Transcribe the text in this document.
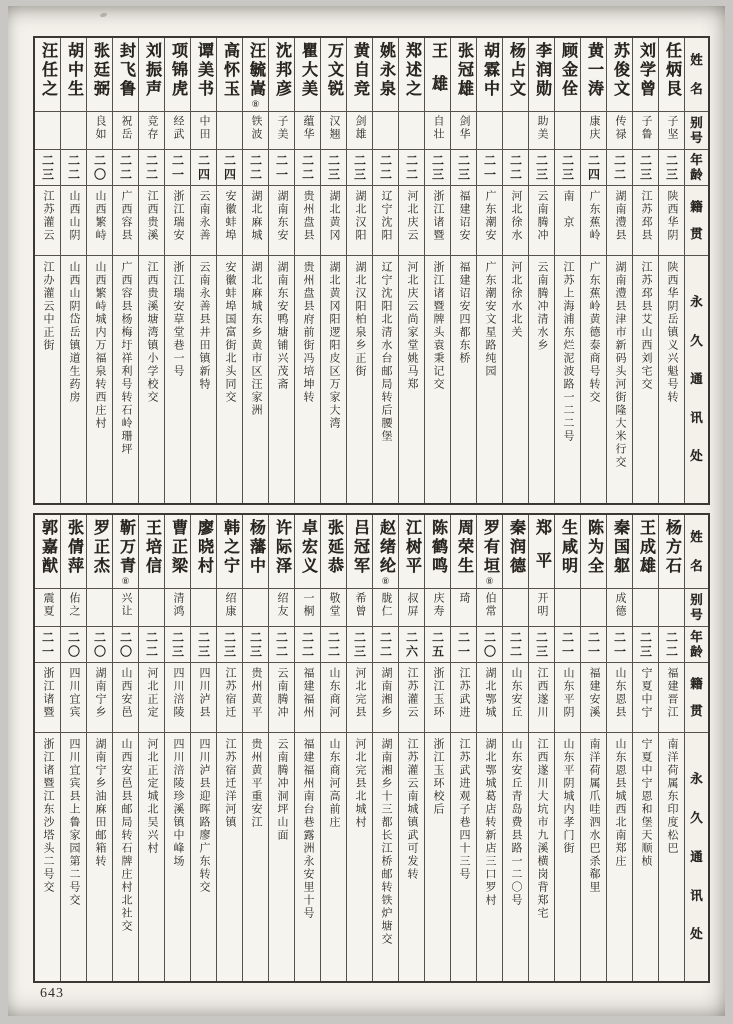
姓
名
别
号
年
龄
籍
贯
永
久
通
讯
处
任炳艮
子坚
二三
陕西华阴
陕西华阴岳镇义兴魁号转
刘学曾
子鲁
二三
江苏邳县
江苏邳县艾山西刘宅交
苏俊文
传禄
二二
湖南澧县
湖南澧县津市新码头河街隆大米行交
黄一涛
康庆
二四
广东蕉岭
广东蕉岭黄德泰商号转交
顾金佺
二三
南　京
江苏上海浦东烂泥波路一二二号
李润勋
助美
二三
云南腾冲
云南腾冲清水乡
杨占文
二二
河北徐水
河北徐水北关
胡霖中
二一
广东潮安
广东潮安文星路纯园
张冠雄
剑华
二三
福建诏安
福建诏安四都东桥
王雄
自壮
二三
浙江诸暨
浙江诸暨牌头袁秉记交
郑述之
二二
河北庆云
河北庆云尚家堂姚马郑
姚永泉
二二
辽宁沈阳
辽宁沈阳北清水台邮局转后腰堡
黄自竞
剑雄
二三
湖北汉阳
湖北汉阳柏泉乡正街
万文锐
汉翘
二三
湖北黄冈
湖北黄冈阳逻阳皮区万家大湾
瞿大美
蕴华
二二
贵州盘县
贵州盘县府前街冯培坤转
沈邦彦
子美
二一
湖南东安
湖南东安鸭塘铺兴茂斋
汪毓嵩
⑧
铁波
二二
湖北麻城
湖北麻城东乡黄市区汪家洲
高怀玉
二四
安徽蚌埠
安徽蚌埠国富街北头同交
谭美书
中田
二四
云南永善
云南永善县井田镇新特
项锦虎
经武
二一
浙江瑞安
浙江瑞安草堂巷一号
刘振声
竞存
二二
江西贵溪
江西贵溪塘湾镇小学校交
封飞鲁
祝岳
二二
广西容县
广西容县杨梅圩祥利号转石岭珊坪
张廷弼
良如
二〇
山西繁峙
山西繁峙城内万福泉转西庄村
胡中生
二二
山西山阴
山西山阴岱岳镇道生药房
汪任之
二三
江苏灌云
江办灌云中正街
姓
名
别
号
年
龄
籍
贯
永
久
通
讯
处
杨方石
二二
福建晋江
南洋荷属东印度松巴
王成雄
二三
宁夏中宁
宁夏中宁恩和堡天顺桢
秦国躯
成德
二一
山东恩县
山东恩县城西北南郑庄
陈为全
二一
福建安溪
南洋荷属爪哇泗水巴杀郗里
生咸明
二一
山东平阴
山东平阴城内孝门街
郑平
开明
二三
江西遂川
江西遂川大坑市九溪横岗背郑宅
秦润德
二二
山东安丘
山东安丘青岛费县路一二〇号
罗有垣
⑧
伯常
二〇
湖北鄂城
湖北鄂城葛店转新店三口罗村
周荣生
琦
二一
江苏武进
江苏武进观子巷四十三号
陈鹤鸣
庆寿
二五
浙江玉环
浙江玉环校后
江树平
叔屏
二六
江苏灌云
江苏灌云南城镇武可发转
赵绪纶
⑧
胧仁
二二
湖南湘乡
湖南湘乡十三都长江桥邮转铁炉塘交
吕冠军
希曾
二三
河北完县
河北完县北城村
张延恭
敬堂
二二
山东商河
山东商河高前庄
卓宏义
一桐
二二
福建福州
福建福州南台巷露洲永安里十号
许际泽
绍友
二二
云南腾冲
云南腾冲洞坪山面
杨藩中
二三
贵州黄平
贵州黄平重安江
韩之宁
绍康
二三
江苏宿迁
江苏宿迁洋河镇
廖晓村
二三
四川泸县
四川泸县迎晖路廖广东转交
曹正梁
清鸿
二三
四川涪陵
四川涪陵珍溪镇中峰场
王培信
二二
河北正定
河北正定城北吴兴村
靳万青
⑧
兴让
二〇
山西安邑
山西安邑县邮局转石牌庄村北社交
罗正杰
二〇
湖南宁乡
湖南宁乡油麻田邮箱转
张倩萍
佑之
二〇
四川宜宾
四川宜宾县上鲁家园第二号交
郭嘉猷
震夏
二一
浙江诸暨
浙江诸暨江东沙塔头二号交
643
